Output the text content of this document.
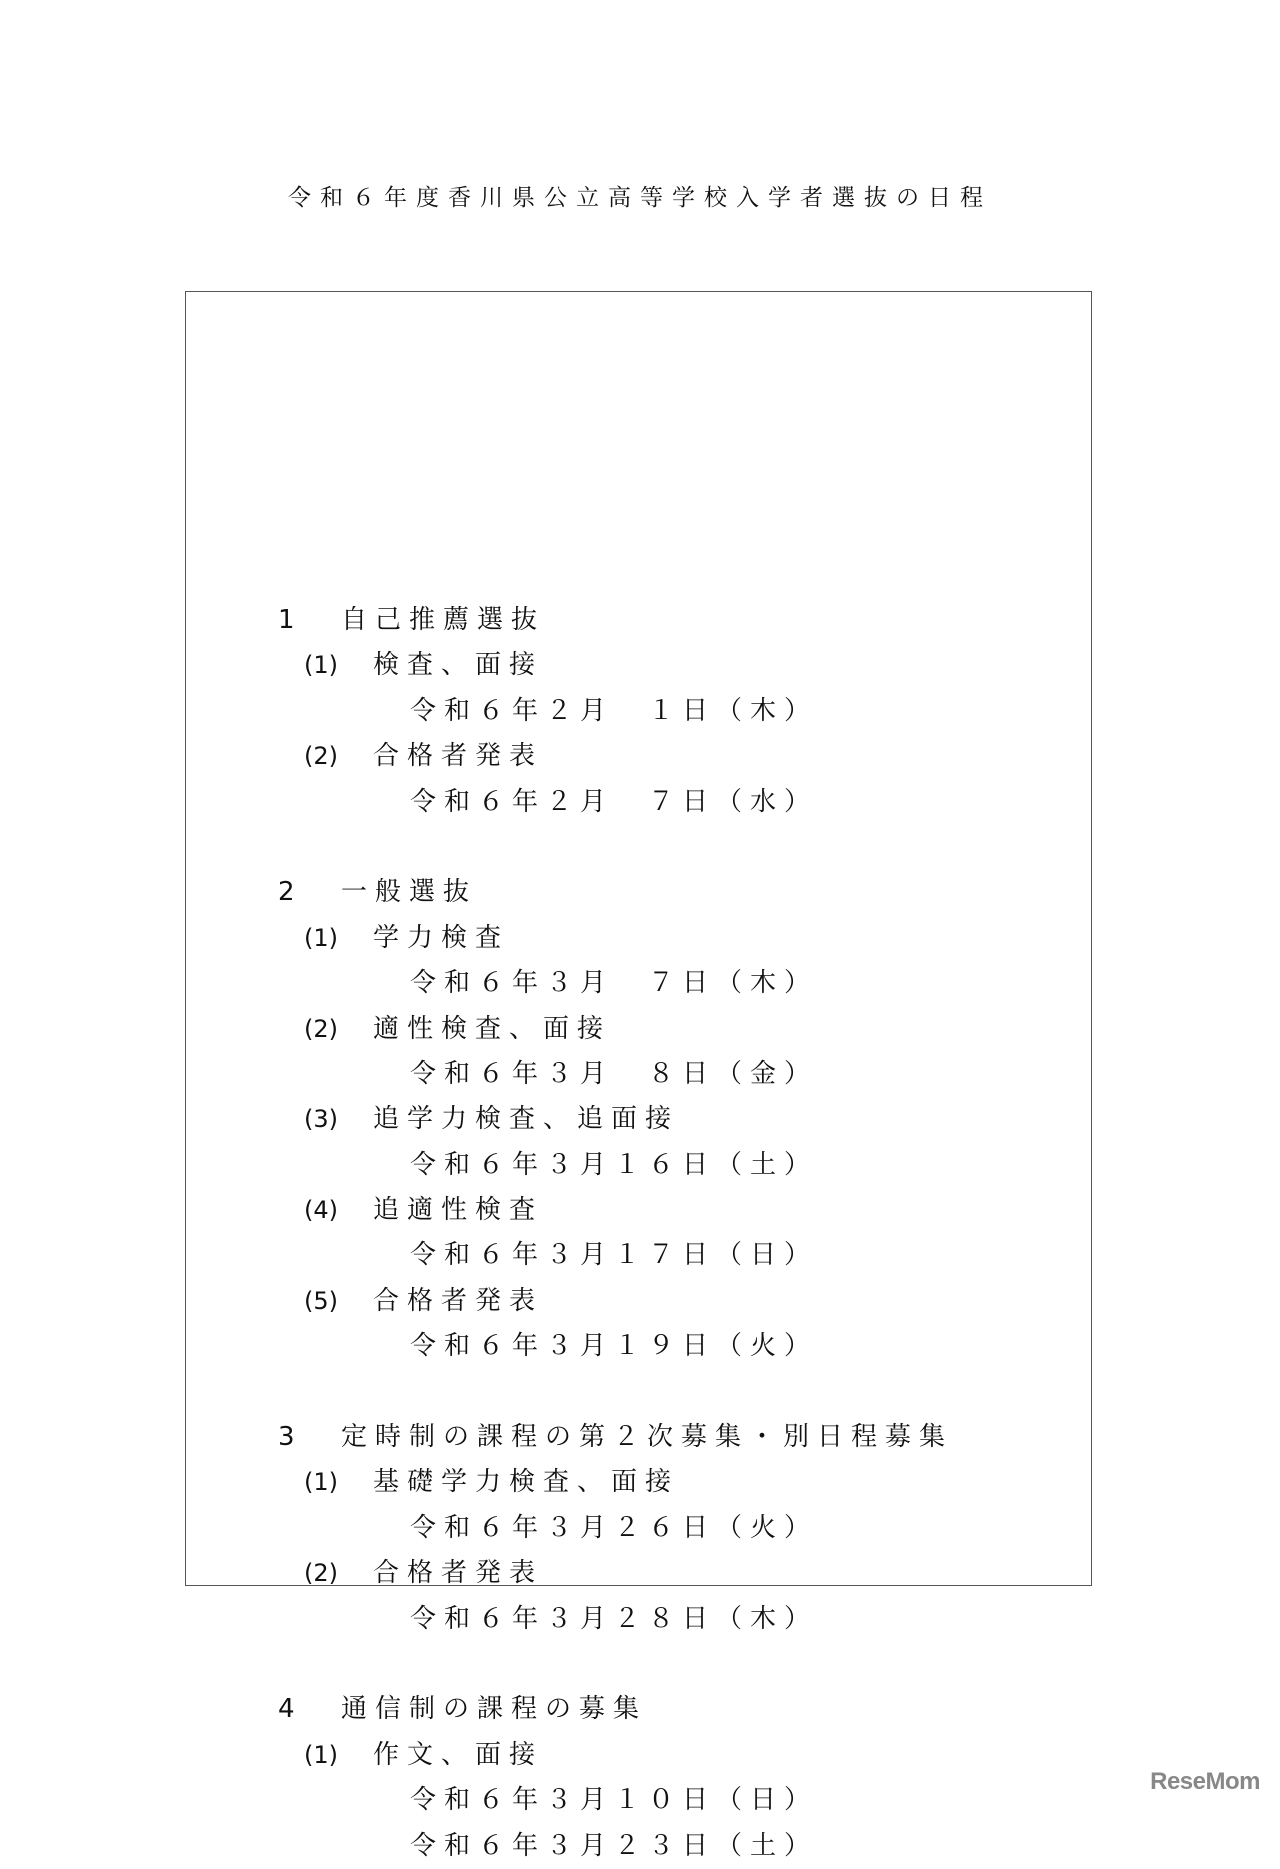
令和６年度香川県公立高等学校入学者選抜の日程
1 自己推薦選抜
(1) 検査、面接
令和６年２月　１日（木）
(2) 合格者発表
令和６年２月　７日（水）
2 一般選抜
(1) 学力検査
令和６年３月　７日（木）
(2) 適性検査、面接
令和６年３月　８日（金）
(3) 追学力検査、追面接
令和６年３月１６日（土）
(4) 追適性検査
令和６年３月１７日（日）
(5) 合格者発表
令和６年３月１９日（火）
3 定時制の課程の第２次募集・別日程募集
(1) 基礎学力検査、面接
令和６年３月２６日（火）
(2) 合格者発表
令和６年３月２８日（木）
4 通信制の課程の募集
(1) 作文、面接
令和６年３月１０日（日）
令和６年３月２３日（土）
ReseMom
